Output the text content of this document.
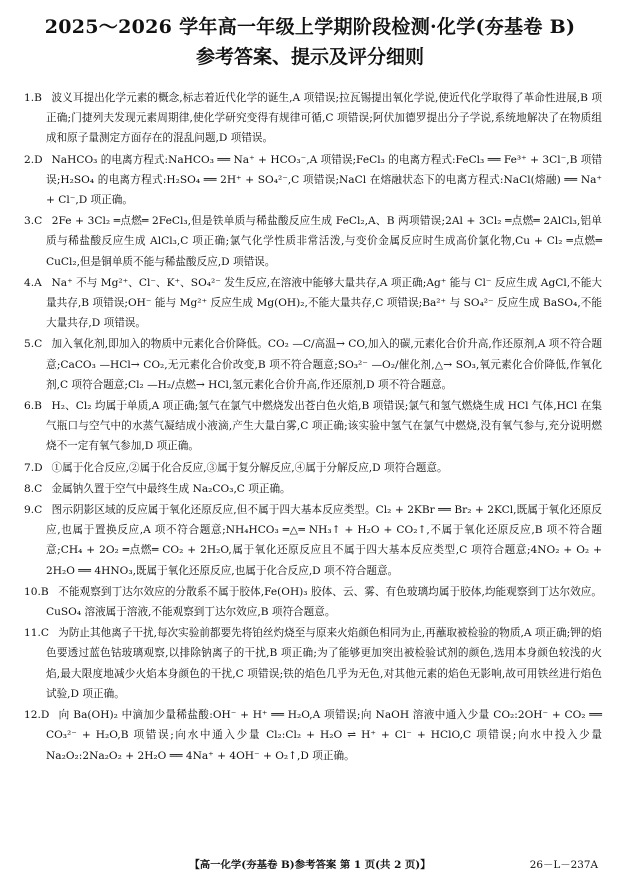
2025～2026 学年高一年级上学期阶段检测·化学(夯基卷 B)
参考答案、提示及评分细则
1.B 波义耳提出化学元素的概念,标志着近代化学的诞生,A 项错误;拉瓦锡提出氧化学说,使近代化学取得了革命性进展,B 项正确;门捷列夫发现元素周期律,使化学研究变得有规律可循,C 项错误;阿伏加德罗提出分子学说,系统地解决了在物质组成和原子量测定方面存在的混乱问题,D 项错误。
2.D NaHCO₃ 的电离方程式:NaHCO₃ ══ Na⁺ + HCO₃⁻,A 项错误;FeCl₃ 的电离方程式:FeCl₃ ══ Fe³⁺ + 3Cl⁻,B 项错误;H₂SO₄ 的电离方程式:H₂SO₄ ══ 2H⁺ + SO₄²⁻,C 项错误;NaCl 在熔融状态下的电离方程式:NaCl(熔融) ══ Na⁺ + Cl⁻,D 项正确。
3.C 2Fe + 3Cl₂ ═点燃═ 2FeCl₃,但是铁单质与稀盐酸反应生成 FeCl₂,A、B 两项错误;2Al + 3Cl₂ ═点燃═ 2AlCl₃,铝单质与稀盐酸反应生成 AlCl₃,C 项正确;氯气化学性质非常活泼,与变价金属反应时生成高价氯化物,Cu + Cl₂ ═点燃═ CuCl₂,但是铜单质不能与稀盐酸反应,D 项错误。
4.A Na⁺ 不与 Mg²⁺、Cl⁻、K⁺、SO₄²⁻ 发生反应,在溶液中能够大量共存,A 项正确;Ag⁺ 能与 Cl⁻ 反应生成 AgCl,不能大量共存,B 项错误;OH⁻ 能与 Mg²⁺ 反应生成 Mg(OH)₂,不能大量共存,C 项错误;Ba²⁺ 与 SO₄²⁻ 反应生成 BaSO₄,不能大量共存,D 项错误。
5.C 加入氧化剂,即加入的物质中元素化合价降低。CO₂ —C/高温→ CO,加入的碳,元素化合价升高,作还原剂,A 项不符合题意;CaCO₃ —HCl→ CO₂,无元素化合价改变,B 项不符合题意;SO₃²⁻ —O₂/催化剂,△→ SO₃,氧元素化合价降低,作氧化剂,C 项符合题意;Cl₂ —H₂/点燃→ HCl,氢元素化合价升高,作还原剂,D 项不符合题意。
6.B H₂、Cl₂ 均属于单质,A 项正确;氢气在氯气中燃烧发出苍白色火焰,B 项错误;氯气和氢气燃烧生成 HCl 气体,HCl 在集气瓶口与空气中的水蒸气凝结成小液滴,产生大量白雾,C 项正确;该实验中氢气在氯气中燃烧,没有氧气参与,充分说明燃烧不一定有氧气参加,D 项正确。
7.D ①属于化合反应,②属于化合反应,③属于复分解反应,④属于分解反应,D 项符合题意。
8.C 金属钠久置于空气中最终生成 Na₂CO₃,C 项正确。
9.C 图示阴影区域的反应属于氧化还原反应,但不属于四大基本反应类型。Cl₂ + 2KBr ══ Br₂ + 2KCl,既属于氧化还原反应,也属于置换反应,A 项不符合题意;NH₄HCO₃ ═△═ NH₃↑ + H₂O + CO₂↑,不属于氧化还原反应,B 项不符合题意;CH₄ + 2O₂ ═点燃═ CO₂ + 2H₂O,属于氧化还原反应且不属于四大基本反应类型,C 项符合题意;4NO₂ + O₂ + 2H₂O ══ 4HNO₃,既属于氧化还原反应,也属于化合反应,D 项不符合题意。
10.B 不能观察到丁达尔效应的分散系不属于胶体,Fe(OH)₃ 胶体、云、雾、有色玻璃均属于胶体,均能观察到丁达尔效应。CuSO₄ 溶液属于溶液,不能观察到丁达尔效应,B 项符合题意。
11.C 为防止其他离子干扰,每次实验前都要先将铂丝灼烧至与原来火焰颜色相同为止,再蘸取被检验的物质,A 项正确;钾的焰色要透过蓝色钴玻璃观察,以排除钠离子的干扰,B 项正确;为了能够更加突出被检验试剂的颜色,选用本身颜色较浅的火焰,最大限度地减少火焰本身颜色的干扰,C 项错误;铁的焰色几乎为无色,对其他元素的焰色无影响,故可用铁丝进行焰色试验,D 项正确。
12.D 向 Ba(OH)₂ 中滴加少量稀盐酸:OH⁻ + H⁺ ══ H₂O,A 项错误;向 NaOH 溶液中通入少量 CO₂:2OH⁻ + CO₂ ══ CO₃²⁻ + H₂O,B 项错误;向水中通入少量 Cl₂:Cl₂ + H₂O ⇌ H⁺ + Cl⁻ + HClO,C 项错误;向水中投入少量 Na₂O₂:2Na₂O₂ + 2H₂O ══ 4Na⁺ + 4OH⁻ + O₂↑,D 项正确。
【高一化学(夯基卷 B)参考答案 第 1 页(共 2 页)】	26－L－237A
